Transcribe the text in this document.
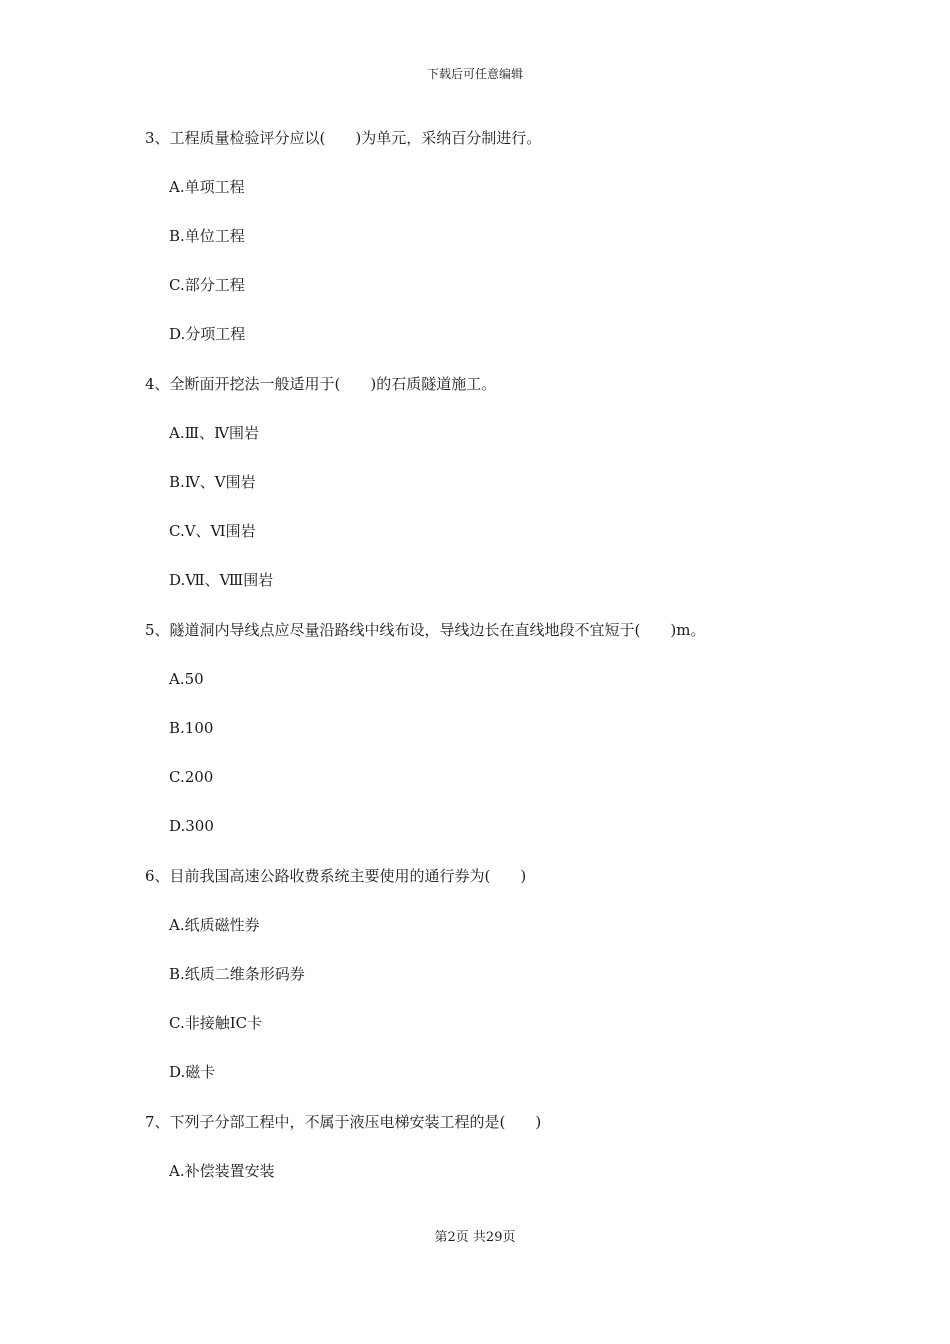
下载后可任意编辑
3、工程质量检验评分应以(　　)为单元，采纳百分制进行。
A.单项工程
B.单位工程
C.部分工程
D.分项工程
4、全断面开挖法一般适用于(　　)的石质隧道施工。
A.Ⅲ、Ⅳ围岩
B.Ⅳ、Ⅴ围岩
C.Ⅴ、Ⅵ围岩
D.Ⅶ、Ⅷ围岩
5、隧道洞内导线点应尽量沿路线中线布设，导线边长在直线地段不宜短于(　　)m。
A.50
B.100
C.200
D.300
6、目前我国高速公路收费系统主要使用的通行券为(　　)
A.纸质磁性券
B.纸质二维条形码券
C.非接触IC卡
D.磁卡
7、下列子分部工程中，不属于液压电梯安装工程的是(　　)
A.补偿装置安装
第2页 共29页
